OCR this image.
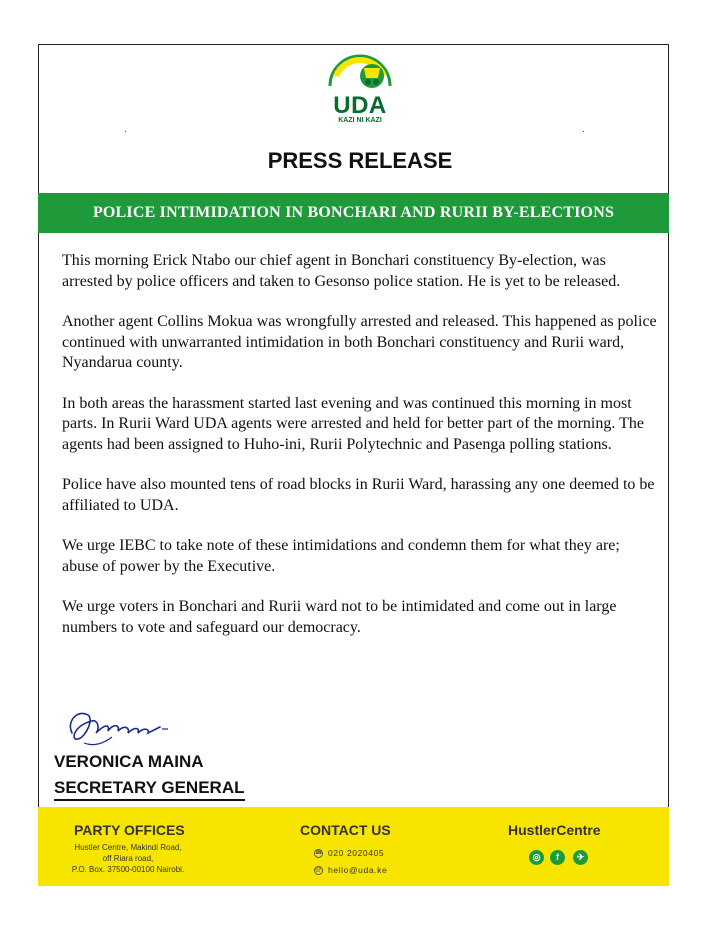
UDA
KAZI NI KAZI
.	.
PRESS RELEASE
POLICE INTIMIDATION IN BONCHARI AND RURII BY-ELECTIONS

This morning Erick Ntabo our chief agent in Bonchari constituency By-election, was arrested by police officers and taken to Gesonso police station. He is yet to be released.

Another agent Collins Mokua was wrongfully arrested and released. This happened as police continued with unwarranted intimidation in both Bonchari constituency and Rurii ward, Nyandarua county.

In both areas the harassment started last evening and was continued this morning in most parts. In Rurii Ward UDA agents were arrested and held for better part of the morning. The agents had been assigned to Huho-ini, Rurii Polytechnic and Pasenga polling stations.

Police have also mounted tens of road blocks in Rurii Ward, harassing any one deemed to be affiliated to UDA.

We urge IEBC to take note of these intimidations and condemn them for what they are; abuse of power by the Executive.

We urge voters in Bonchari and Rurii ward not to be intimidated and come out in large numbers to vote and safeguard our democracy.

VERONICA MAINA
SECRETARY GENERAL
PARTY OFFICES
Hustler Centre, Makindi Road,
off Riara road,
P.O. Box. 37500-00100 Nairobi.
CONTACT US
☎ 020 2020405
@ hello@uda.ke
HustlerCentre
◎	f	✈
